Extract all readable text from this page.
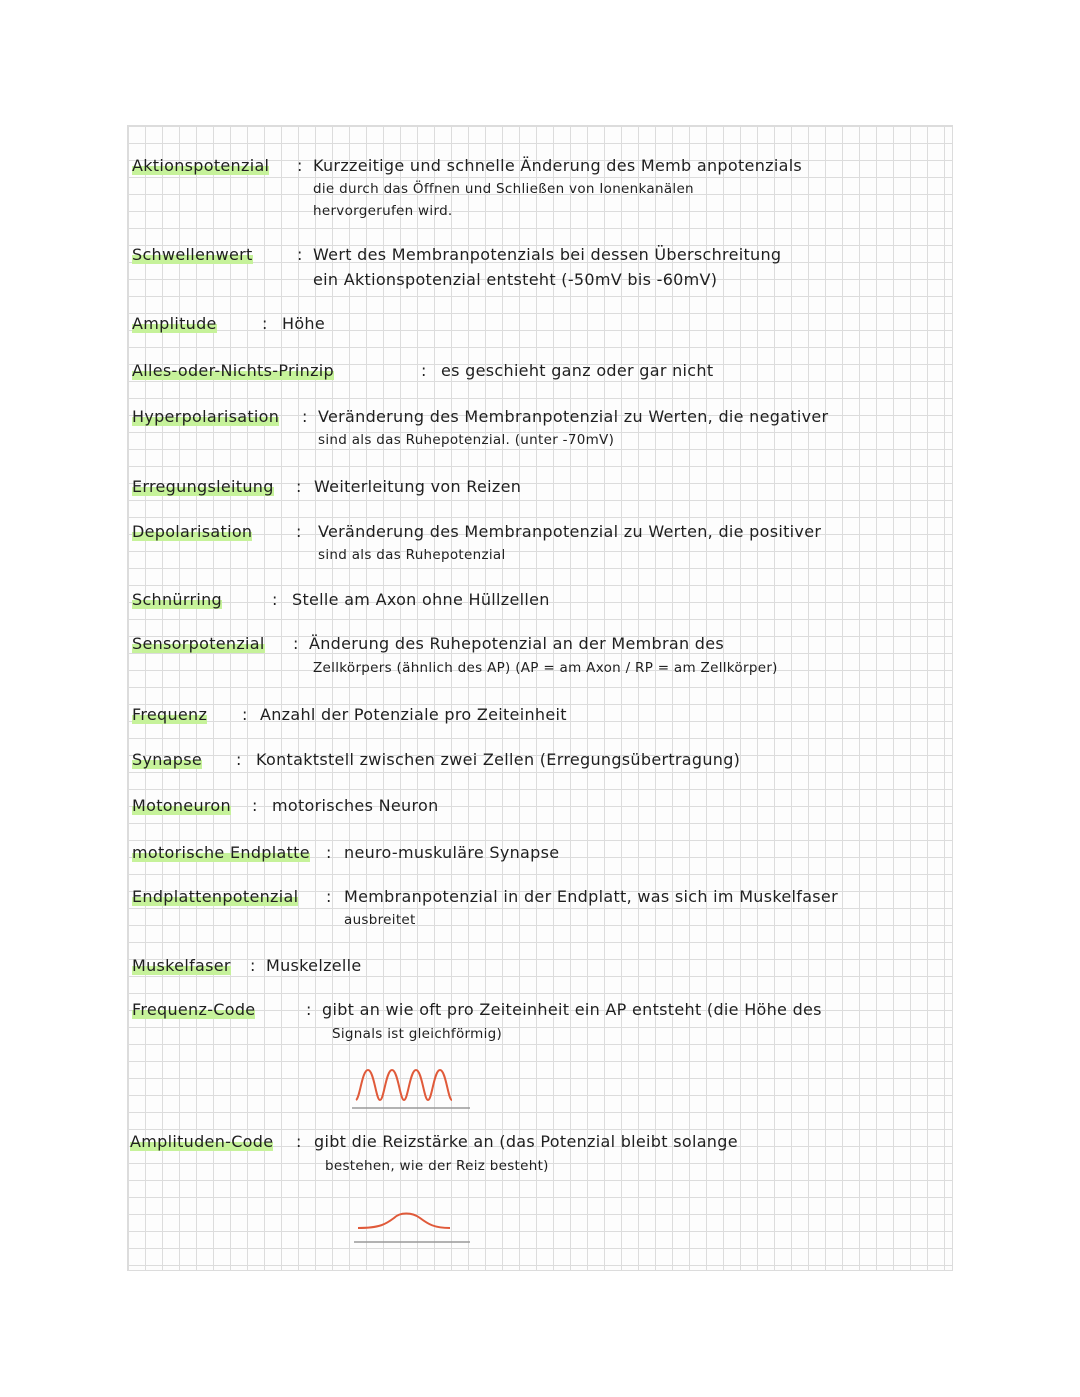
Aktionspotenzial : Kurzzeitige und schnelle Änderung des Memb anpotenzials
die durch das Öffnen und Schließen von Ionenkanälen
hervorgerufen wird.
Schwellenwert	: Wert des Membranpotenzials bei dessen Überschreitung
ein Aktionspotenzial entsteht (-50mV bis -60mV)
Amplitude	: Höhe
Alles-oder-Nichts-Prinzip	: es geschieht ganz oder gar nicht
Hyperpolarisation : Veränderung des Membranpotenzial zu Werten, die negativer
sind als das Ruhepotenzial. (unter -70mV)
Erregungsleitung : Weiterleitung von Reizen
Depolarisation	: Veränderung des Membranpotenzial zu Werten, die positiver
sind als das Ruhepotenzial
Schnürring	: Stelle am Axon ohne Hüllzellen
Sensorpotenzial : Änderung des Ruhepotenzial an der Membran des
Zellkörpers (ähnlich des AP) (AP = am Axon / RP = am Zellkörper)
Frequenz : Anzahl der Potenziale pro Zeiteinheit
Synapse : Kontaktstell zwischen zwei Zellen (Erregungsübertragung)
Motoneuron : motorisches Neuron
motorische Endplatte : neuro-muskuläre Synapse
Endplattenpotenzial : Membranpotenzial in der Endplatt, was sich im Muskelfaser
ausbreitet
Muskelfaser : Muskelzelle
Frequenz-Code	: gibt an wie oft pro Zeiteinheit ein AP entsteht (die Höhe des
Signals ist gleichförmig)
Amplituden-Code : gibt die Reizstärke an (das Potenzial bleibt solange
bestehen, wie der Reiz besteht)
